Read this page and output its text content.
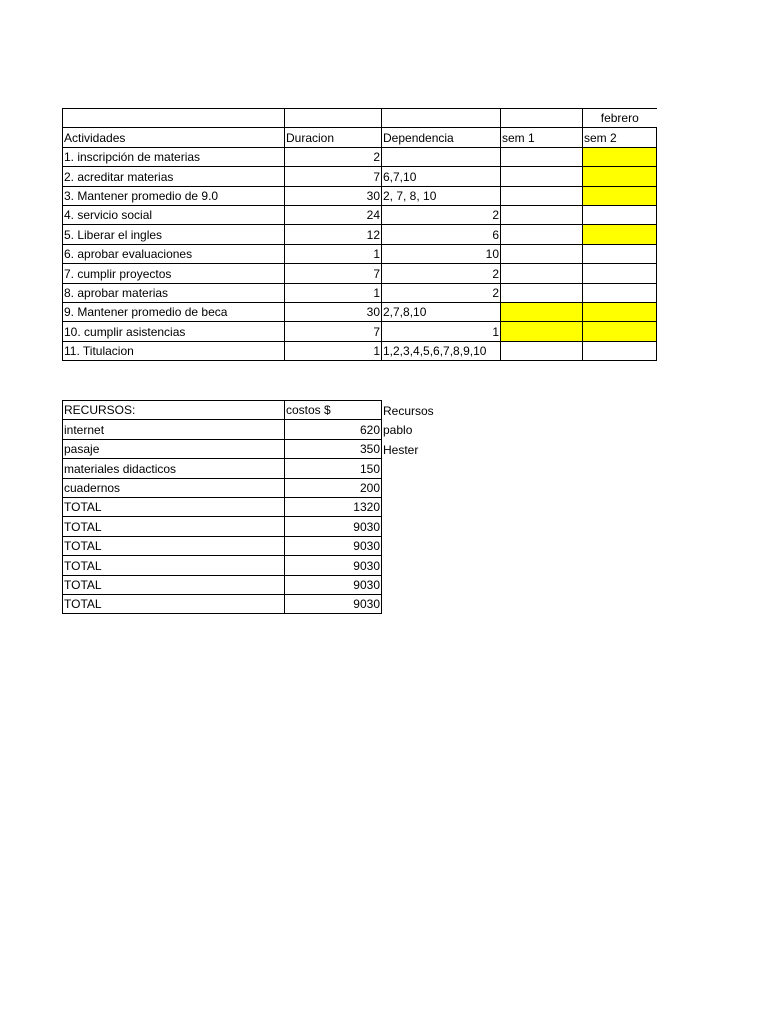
				febrero
Actividades	Duracion	Dependencia	sem 1	sem 2
1. inscripción de materias	2			
2. acreditar materias	7	6,7,10		
3. Mantener promedio de 9.0	30	2, 7, 8, 10		
4. servicio social	24	2		
5. Liberar el ingles	12	6		
6. aprobar evaluaciones	1	10		
7. cumplir proyectos	7	2		
8. aprobar materias	1	2		
9. Mantener promedio de beca	30	2,7,8,10		
10. cumplir asistencias	7	1		
11. Titulacion	1	1,2,3,4,5,6,7,8,9,10		
RECURSOS:	costos $	Recursos
internet	620	pablo
pasaje	350	Hester
materiales didacticos	150	
cuadernos	200	
TOTAL	1320	
TOTAL	9030	
TOTAL	9030	
TOTAL	9030	
TOTAL	9030	
TOTAL	9030	
